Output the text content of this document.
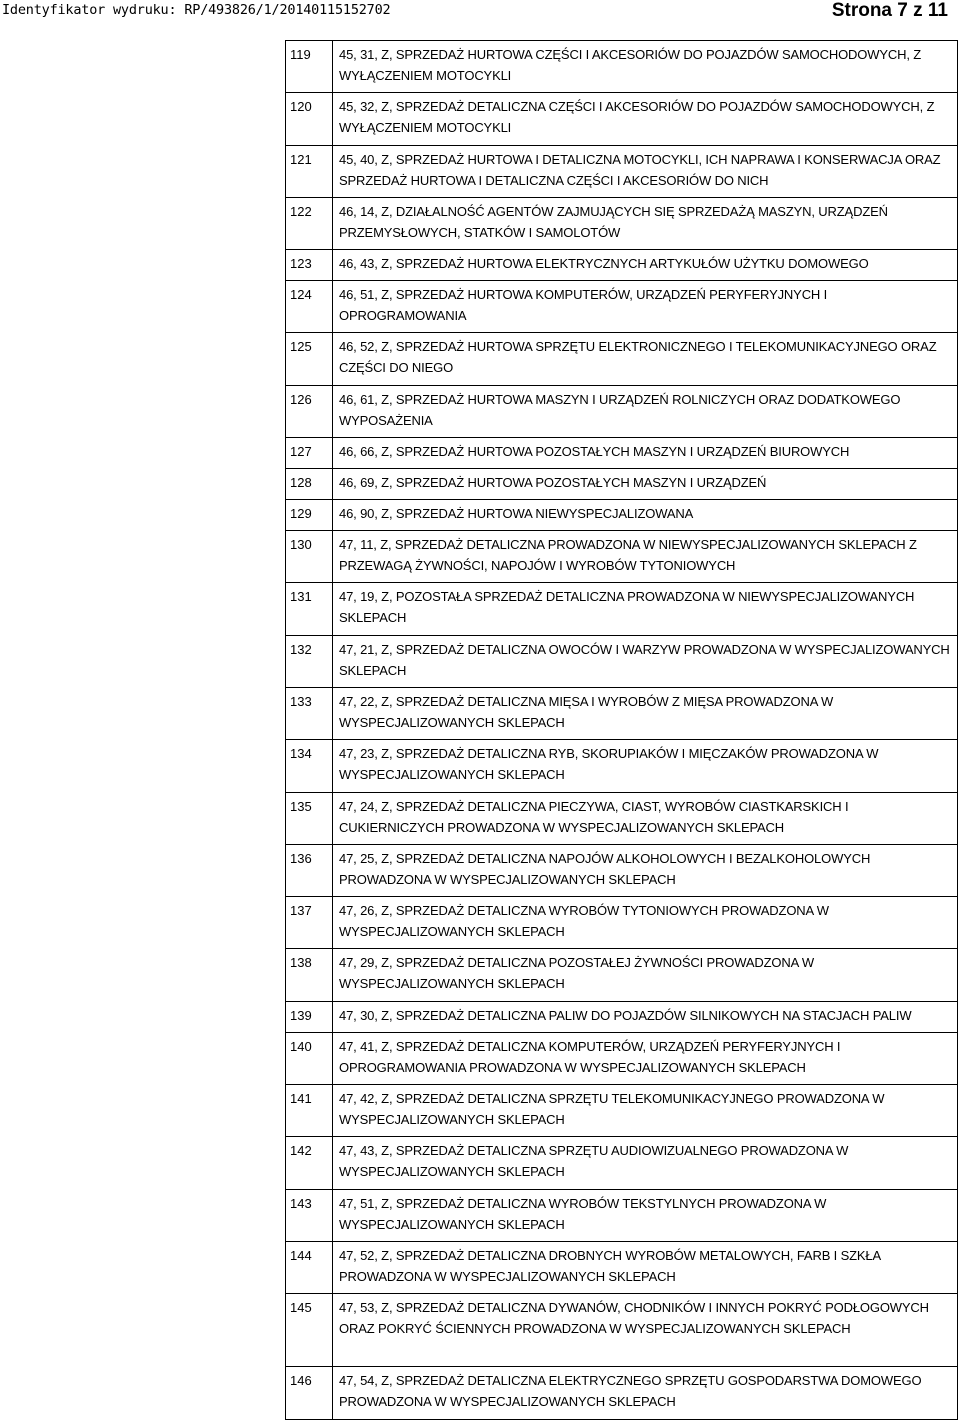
Identyfikator wydruku: RP/493826/1/20140115152702	Strona 7 z 11
119	45, 31, Z, SPRZEDAŻ HURTOWA CZĘŚCI I AKCESORIÓW DO POJAZDÓW SAMOCHODOWYCH, Z WYŁĄCZENIEM MOTOCYKLI
120	45, 32, Z, SPRZEDAŻ DETALICZNA CZĘŚCI I AKCESORIÓW DO POJAZDÓW SAMOCHODOWYCH, Z WYŁĄCZENIEM MOTOCYKLI
121	45, 40, Z, SPRZEDAŻ HURTOWA I DETALICZNA MOTOCYKLI, ICH NAPRAWA I KONSERWACJA ORAZ SPRZEDAŻ HURTOWA I DETALICZNA CZĘŚCI I AKCESORIÓW DO NICH
122	46, 14, Z, DZIAŁALNOŚĆ AGENTÓW ZAJMUJĄCYCH SIĘ SPRZEDAŻĄ MASZYN, URZĄDZEŃ PRZEMYSŁOWYCH, STATKÓW I SAMOLOTÓW
123	46, 43, Z, SPRZEDAŻ HURTOWA ELEKTRYCZNYCH ARTYKUŁÓW UŻYTKU DOMOWEGO
124	46, 51, Z, SPRZEDAŻ HURTOWA KOMPUTERÓW, URZĄDZEŃ PERYFERYJNYCH I OPROGRAMOWANIA
125	46, 52, Z, SPRZEDAŻ HURTOWA SPRZĘTU ELEKTRONICZNEGO I TELEKOMUNIKACYJNEGO ORAZ CZĘŚCI DO NIEGO
126	46, 61, Z, SPRZEDAŻ HURTOWA MASZYN I URZĄDZEŃ ROLNICZYCH ORAZ DODATKOWEGO WYPOSAŻENIA
127	46, 66, Z, SPRZEDAŻ HURTOWA POZOSTAŁYCH MASZYN I URZĄDZEŃ BIUROWYCH
128	46, 69, Z, SPRZEDAŻ HURTOWA POZOSTAŁYCH MASZYN I URZĄDZEŃ
129	46, 90, Z, SPRZEDAŻ HURTOWA NIEWYSPECJALIZOWANA
130	47, 11, Z, SPRZEDAŻ DETALICZNA PROWADZONA W NIEWYSPECJALIZOWANYCH SKLEPACH Z PRZEWAGĄ ŻYWNOŚCI, NAPOJÓW I WYROBÓW TYTONIOWYCH
131	47, 19, Z, POZOSTAŁA SPRZEDAŻ DETALICZNA PROWADZONA W NIEWYSPECJALIZOWANYCH SKLEPACH
132	47, 21, Z, SPRZEDAŻ DETALICZNA OWOCÓW I WARZYW PROWADZONA W WYSPECJALIZOWANYCH SKLEPACH
133	47, 22, Z, SPRZEDAŻ DETALICZNA MIĘSA I WYROBÓW Z MIĘSA PROWADZONA W WYSPECJALIZOWANYCH SKLEPACH
134	47, 23, Z, SPRZEDAŻ DETALICZNA RYB, SKORUPIAKÓW I MIĘCZAKÓW PROWADZONA W WYSPECJALIZOWANYCH SKLEPACH
135	47, 24, Z, SPRZEDAŻ DETALICZNA PIECZYWA, CIAST, WYROBÓW CIASTKARSKICH I CUKIERNICZYCH PROWADZONA W WYSPECJALIZOWANYCH SKLEPACH
136	47, 25, Z, SPRZEDAŻ DETALICZNA NAPOJÓW ALKOHOLOWYCH I BEZALKOHOLOWYCH PROWADZONA W WYSPECJALIZOWANYCH SKLEPACH
137	47, 26, Z, SPRZEDAŻ DETALICZNA WYROBÓW TYTONIOWYCH PROWADZONA W WYSPECJALIZOWANYCH SKLEPACH
138	47, 29, Z, SPRZEDAŻ DETALICZNA POZOSTAŁEJ ŻYWNOŚCI PROWADZONA W WYSPECJALIZOWANYCH SKLEPACH
139	47, 30, Z, SPRZEDAŻ DETALICZNA PALIW DO POJAZDÓW SILNIKOWYCH NA STACJACH PALIW
140	47, 41, Z, SPRZEDAŻ DETALICZNA KOMPUTERÓW, URZĄDZEŃ PERYFERYJNYCH I OPROGRAMOWANIA PROWADZONA W WYSPECJALIZOWANYCH SKLEPACH
141	47, 42, Z, SPRZEDAŻ DETALICZNA SPRZĘTU TELEKOMUNIKACYJNEGO PROWADZONA W WYSPECJALIZOWANYCH SKLEPACH
142	47, 43, Z, SPRZEDAŻ DETALICZNA SPRZĘTU AUDIOWIZUALNEGO PROWADZONA W WYSPECJALIZOWANYCH SKLEPACH
143	47, 51, Z, SPRZEDAŻ DETALICZNA WYROBÓW TEKSTYLNYCH PROWADZONA W WYSPECJALIZOWANYCH SKLEPACH
144	47, 52, Z, SPRZEDAŻ DETALICZNA DROBNYCH WYROBÓW METALOWYCH, FARB I SZKŁA PROWADZONA W WYSPECJALIZOWANYCH SKLEPACH
145	47, 53, Z, SPRZEDAŻ DETALICZNA DYWANÓW, CHODNIKÓW I INNYCH POKRYĆ PODŁOGOWYCH ORAZ POKRYĆ ŚCIENNYCH PROWADZONA W WYSPECJALIZOWANYCH SKLEPACH
146	47, 54, Z, SPRZEDAŻ DETALICZNA ELEKTRYCZNEGO SPRZĘTU GOSPODARSTWA DOMOWEGO PROWADZONA W WYSPECJALIZOWANYCH SKLEPACH
